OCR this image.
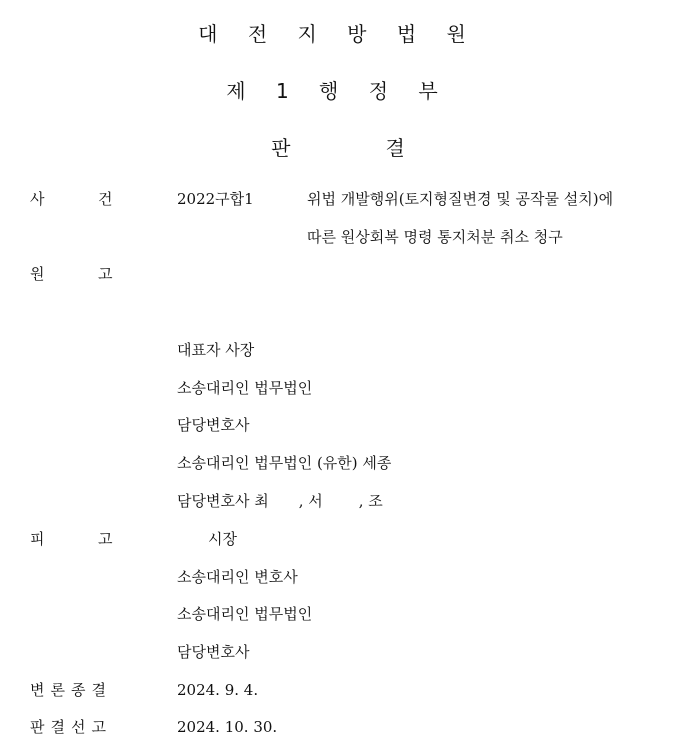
대 전 지 방 법 원
제 1 행 정 부
판	결
사	건	2022구합1	위법 개발행위(토지형질변경 및 공작물 설치)에
따른 원상회복 명령 통지처분 취소 청구
원	고
대표자 사장
소송대리인 법무법인
담당변호사
소송대리인 법무법인 (유한) 세종
담당변호사 최 , 서 , 조
피	고	시장
소송대리인 변호사
소송대리인 법무법인
담당변호사
변론종결	2024. 9. 4.
판결선고	2024. 10. 30.
